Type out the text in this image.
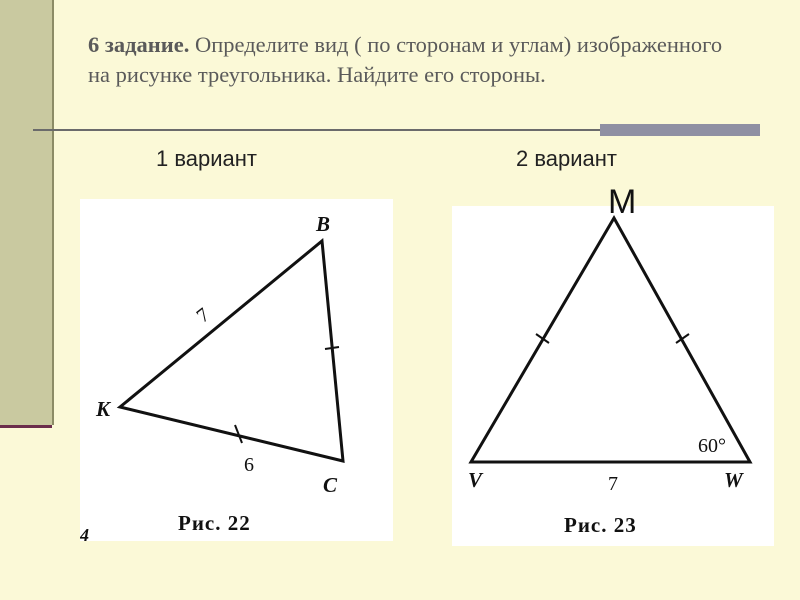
6 задание. Определите вид ( по сторонам и углам) изображенного на рисунке треугольника. Найдите его стороны.
1 вариант	2 вариант
K
B
C
7
6
Рис. 22
4
V	W
60°
7
Рис. 23
M
